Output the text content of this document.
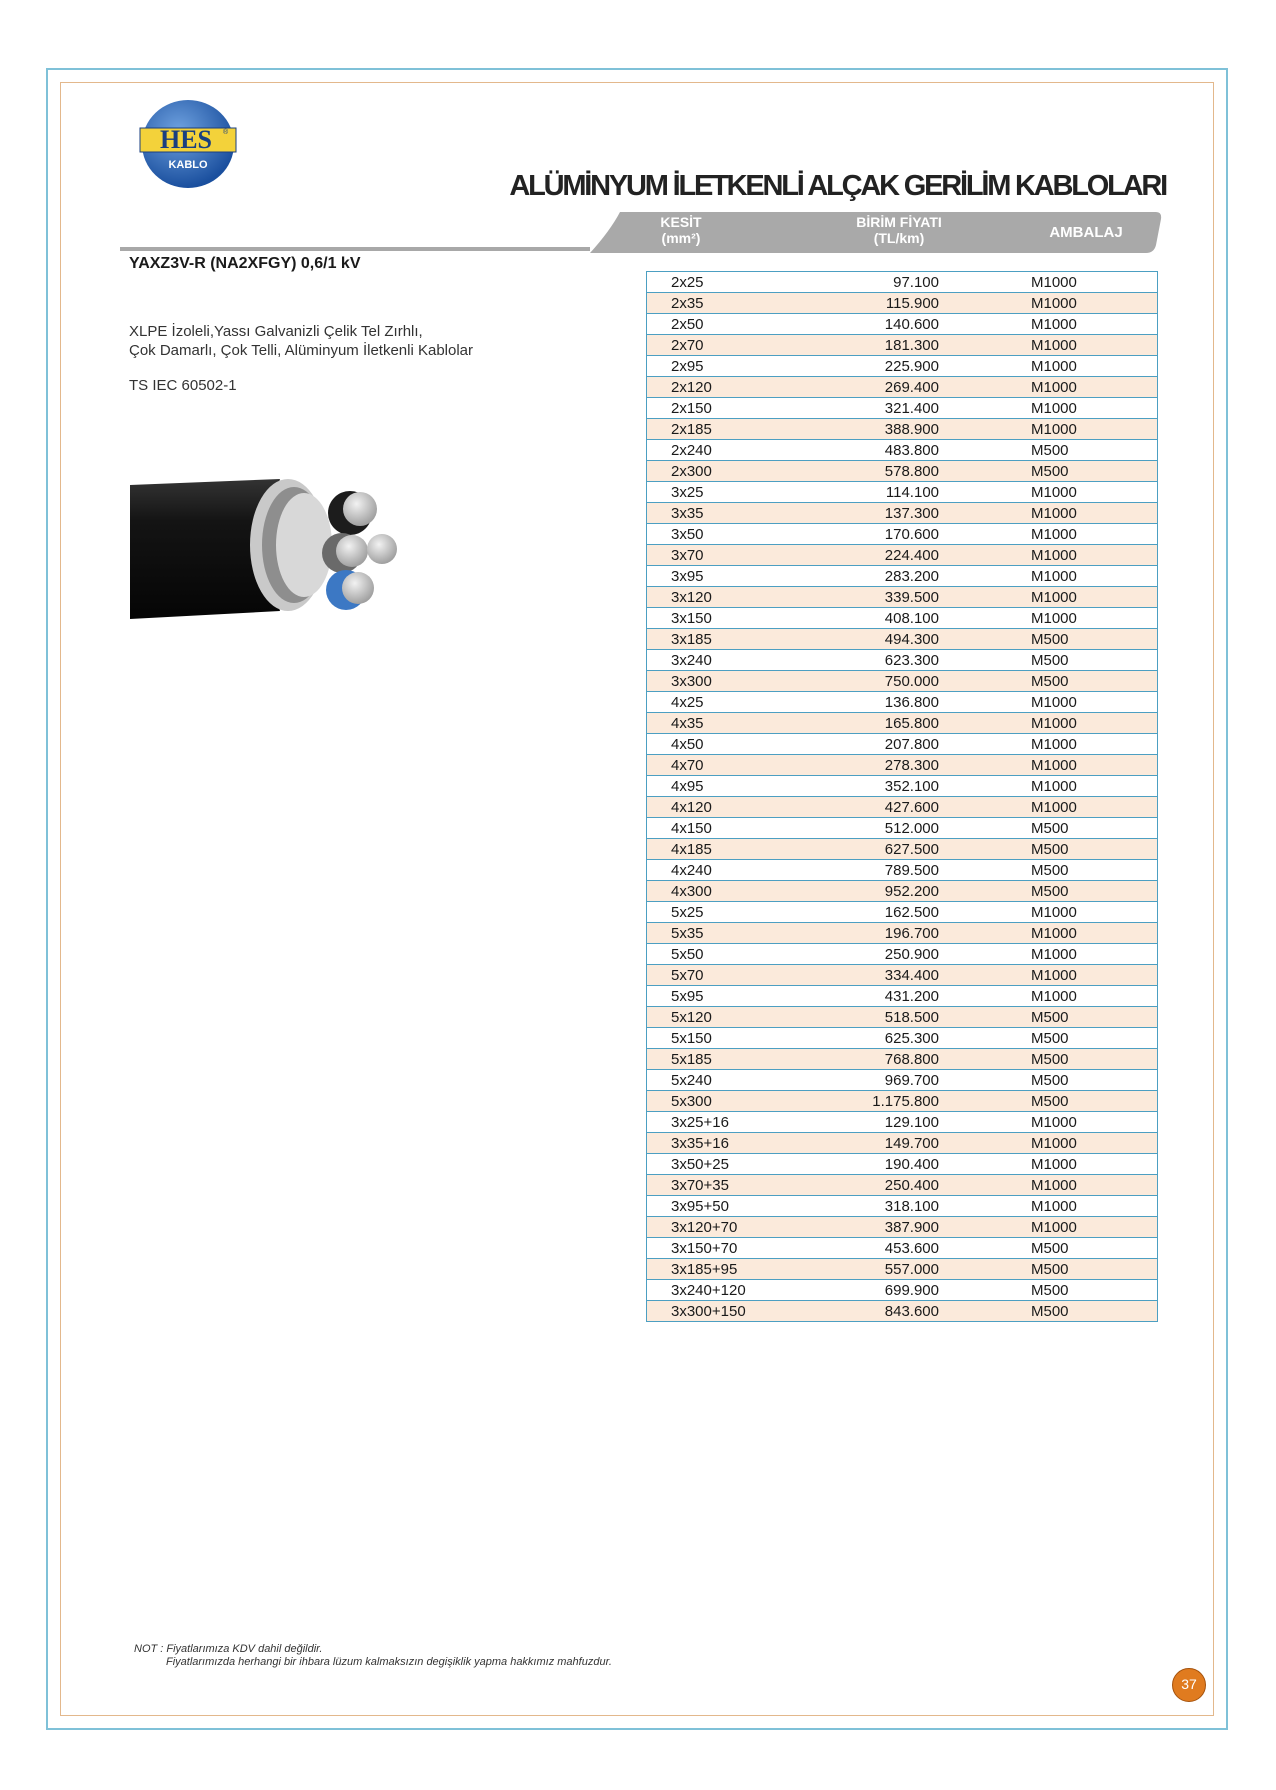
HES ®
KABLO
ALÜMİNYUM İLETKENLİ ALÇAK GERİLİM KABLOLARI
KESİT
(mm²)
BİRİM FİYATI
(TL/km)	AMBALAJ
YAXZ3V-R (NA2XFGY) 0,6/1 kV
XLPE İzoleli,Yassı Galvanizli Çelik Tel Zırhlı,
Çok Damarlı, Çok Telli, Alüminyum İletkenli Kablolar
TS IEC 60502-1
2x25	97.100	M1000
2x35	115.900	M1000
2x50	140.600	M1000
2x70	181.300	M1000
2x95	225.900	M1000
2x120	269.400	M1000
2x150	321.400	M1000
2x185	388.900	M1000
2x240	483.800	M500
2x300	578.800	M500
3x25	114.100	M1000
3x35	137.300	M1000
3x50	170.600	M1000
3x70	224.400	M1000
3x95	283.200	M1000
3x120	339.500	M1000
3x150	408.100	M1000
3x185	494.300	M500
3x240	623.300	M500
3x300	750.000	M500
4x25	136.800	M1000
4x35	165.800	M1000
4x50	207.800	M1000
4x70	278.300	M1000
4x95	352.100	M1000
4x120	427.600	M1000
4x150	512.000	M500
4x185	627.500	M500
4x240	789.500	M500
4x300	952.200	M500
5x25	162.500	M1000
5x35	196.700	M1000
5x50	250.900	M1000
5x70	334.400	M1000
5x95	431.200	M1000
5x120	518.500	M500
5x150	625.300	M500
5x185	768.800	M500
5x240	969.700	M500
5x300	1.175.800	M500
3x25+16	129.100	M1000
3x35+16	149.700	M1000
3x50+25	190.400	M1000
3x70+35	250.400	M1000
3x95+50	318.100	M1000
3x120+70	387.900	M1000
3x150+70	453.600	M500
3x185+95	557.000	M500
3x240+120	699.900	M500
3x300+150	843.600	M500
NOT : Fiyatlarımıza KDV dahil değildir.
Fiyatlarımızda herhangi bir ihbara lüzum kalmaksızın degişiklik yapma hakkımız mahfuzdur.
37
